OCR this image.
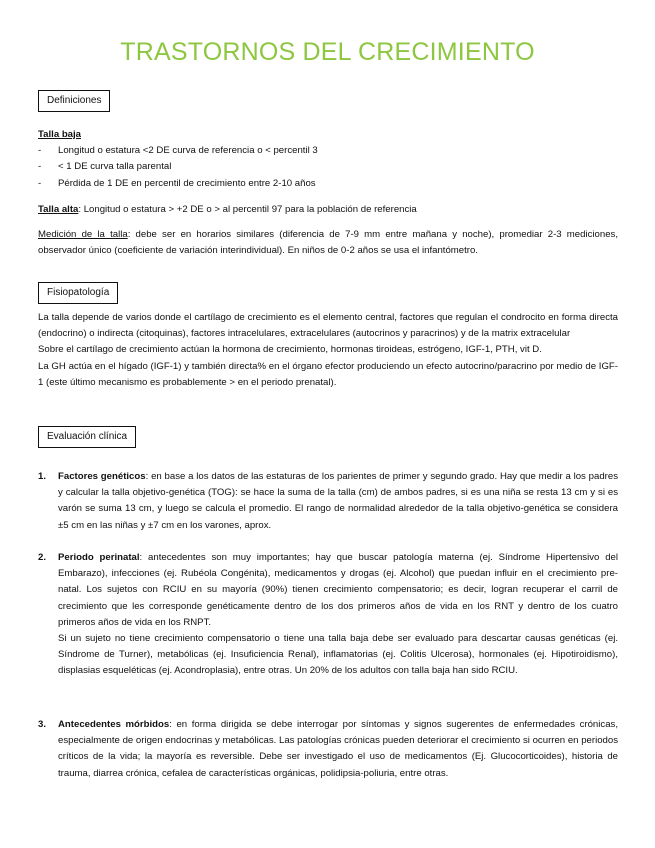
TRASTORNOS DEL CRECIMIENTO
Definiciones

Talla baja

- Longitud o estatura <2 DE curva de referencia o < percentil 3
- < 1 DE curva talla parental
- Pérdida de 1 DE en percentil de crecimiento entre 2-10 años

Talla alta: Longitud o estatura > +2 DE o > al percentil 97 para la población de referencia

Medición de la talla: debe ser en horarios similares (diferencia de 7-9 mm entre mañana y noche), promediar 2-3 mediciones, observador único (coeficiente de variación interindividual). En niños de 0-2 años se usa el infantómetro.

Fisiopatología

La talla depende de varios donde el cartílago de crecimiento es el elemento central, factores que regulan el condrocito en forma directa (endocrino) o indirecta (citoquinas), factores intracelulares, extracelulares (autocrinos y paracrinos) y de la matrix extracelular

Sobre el cartílago de crecimiento actúan la hormona de crecimiento, hormonas tiroideas, estrógeno, IGF-1, PTH, vit D.

La GH actúa en el hígado (IGF-1) y también directa% en el órgano efector produciendo un efecto autocrino/paracrino por medio de IGF-1 (este último mecanismo es probablemente > en el periodo prenatal).

Evaluación clínica
1. Factores genéticos: en base a los datos de las estaturas de los parientes de primer y segundo grado. Hay que medir a los padres y calcular la talla objetivo-genética (TOG): se hace la suma de la talla (cm) de ambos padres, si es una niña se resta 13 cm y si es varón se suma 13 cm, y luego se calcula el promedio. El rango de normalidad alrededor de la talla objetivo-genética se considera ±5 cm en las niñas y ±7 cm en los varones, aprox.
2. Periodo perinatal: antecedentes son muy importantes; hay que buscar patología materna (ej. Síndrome Hipertensivo del Embarazo), infecciones (ej. Rubéola Congénita), medicamentos y drogas (ej. Alcohol) que puedan influir en el crecimiento pre- natal. Los sujetos con RCIU en su mayoría (90%) tienen crecimiento compensatorio; es decir, logran recuperar el carril de crecimiento que les corresponde genéticamente dentro de los dos primeros años de vida en los RNT y dentro de los cuatro primeros años de vida en los RNPT.
Si un sujeto no tiene crecimiento compensatorio o tiene una talla baja debe ser evaluado para descartar causas genéticas (ej. Síndrome de Turner), metabólicas (ej. Insuficiencia Renal), inflamatorias (ej. Colitis Ulcerosa), hormonales (ej. Hipotiroidismo), displasias esqueléticas (ej. Acondroplasia), entre otras. Un 20% de los adultos con talla baja han sido RCIU.
3. Antecedentes mórbidos: en forma dirigida se debe interrogar por síntomas y signos sugerentes de enfermedades crónicas, especialmente de origen endocrinas y metabólicas. Las patologías crónicas pueden deteriorar el crecimiento si ocurren en periodos críticos de la vida; la mayoría es reversible. Debe ser investigado el uso de medicamentos (Ej. Glucocorticoides), historia de trauma, diarrea crónica, cefalea de características orgánicas, polidipsia-poliuria, entre otras.
